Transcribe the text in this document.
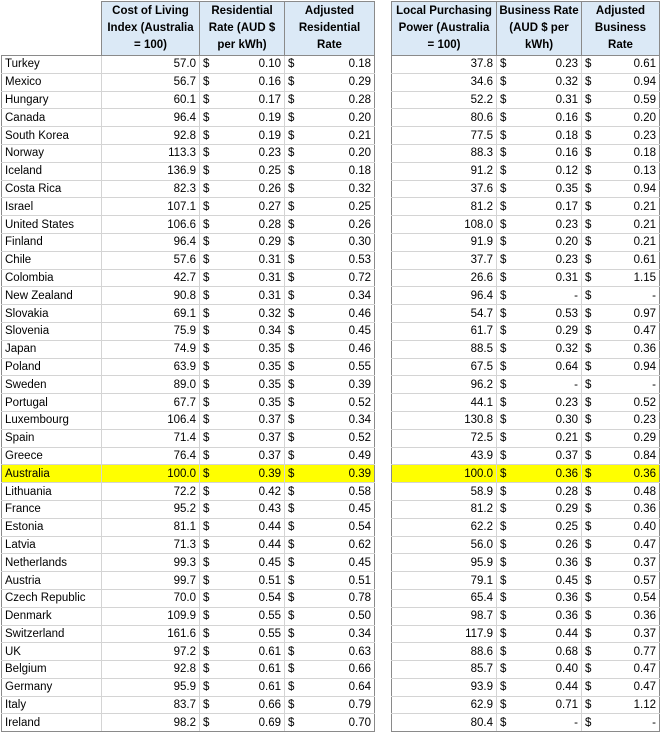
	Cost of Living Index (Australia = 100)	Residential Rate (AUD $ per kWh)		Adjusted Residential Rate	
Turkey	57.0	$	0.10	$	0.18
Mexico	56.7	$	0.16	$	0.29
Hungary	60.1	$	0.17	$	0.28
Canada	96.4	$	0.19	$	0.20
South Korea	92.8	$	0.19	$	0.21
Norway	113.3	$	0.23	$	0.20
Iceland	136.9	$	0.25	$	0.18
Costa Rica	82.3	$	0.26	$	0.32
Israel	107.1	$	0.27	$	0.25
United States	106.6	$	0.28	$	0.26
Finland	96.4	$	0.29	$	0.30
Chile	57.6	$	0.31	$	0.53
Colombia	42.7	$	0.31	$	0.72
New Zealand	90.8	$	0.31	$	0.34
Slovakia	69.1	$	0.32	$	0.46
Slovenia	75.9	$	0.34	$	0.45
Japan	74.9	$	0.35	$	0.46
Poland	63.9	$	0.35	$	0.55
Sweden	89.0	$	0.35	$	0.39
Portugal	67.7	$	0.35	$	0.52
Luxembourg	106.4	$	0.37	$	0.34
Spain	71.4	$	0.37	$	0.52
Greece	76.4	$	0.37	$	0.49
Australia	100.0	$	0.39	$	0.39
Lithuania	72.2	$	0.42	$	0.58
France	95.2	$	0.43	$	0.45
Estonia	81.1	$	0.44	$	0.54
Latvia	71.3	$	0.44	$	0.62
Netherlands	99.3	$	0.45	$	0.45
Austria	99.7	$	0.51	$	0.51
Czech Republic	70.0	$	0.54	$	0.78
Denmark	109.9	$	0.55	$	0.50
Switzerland	161.6	$	0.55	$	0.34
UK	97.2	$	0.61	$	0.63
Belgium	92.8	$	0.61	$	0.66
Germany	95.9	$	0.61	$	0.64
Italy	83.7	$	0.66	$	0.79
Ireland	98.2	$	0.69	$	0.70
Local Purchasing Power (Australia = 100)	Business Rate (AUD $ per kWh)		Adjusted Business Rate	
37.8	$	0.23	$	0.61
34.6	$	0.32	$	0.94
52.2	$	0.31	$	0.59
80.6	$	0.16	$	0.20
77.5	$	0.18	$	0.23
88.3	$	0.16	$	0.18
91.2	$	0.12	$	0.13
37.6	$	0.35	$	0.94
81.2	$	0.17	$	0.21
108.0	$	0.23	$	0.21
91.9	$	0.20	$	0.21
37.7	$	0.23	$	0.61
26.6	$	0.31	$	1.15
96.4	$	-	$	-
54.7	$	0.53	$	0.97
61.7	$	0.29	$	0.47
88.5	$	0.32	$	0.36
67.5	$	0.64	$	0.94
96.2	$	-	$	-
44.1	$	0.23	$	0.52
130.8	$	0.30	$	0.23
72.5	$	0.21	$	0.29
43.9	$	0.37	$	0.84
100.0	$	0.36	$	0.36
58.9	$	0.28	$	0.48
81.2	$	0.29	$	0.36
62.2	$	0.25	$	0.40
56.0	$	0.26	$	0.47
95.9	$	0.36	$	0.37
79.1	$	0.45	$	0.57
65.4	$	0.36	$	0.54
98.7	$	0.36	$	0.36
117.9	$	0.44	$	0.37
88.6	$	0.68	$	0.77
85.7	$	0.40	$	0.47
93.9	$	0.44	$	0.47
62.9	$	0.71	$	1.12
80.4	$	-	$	-
